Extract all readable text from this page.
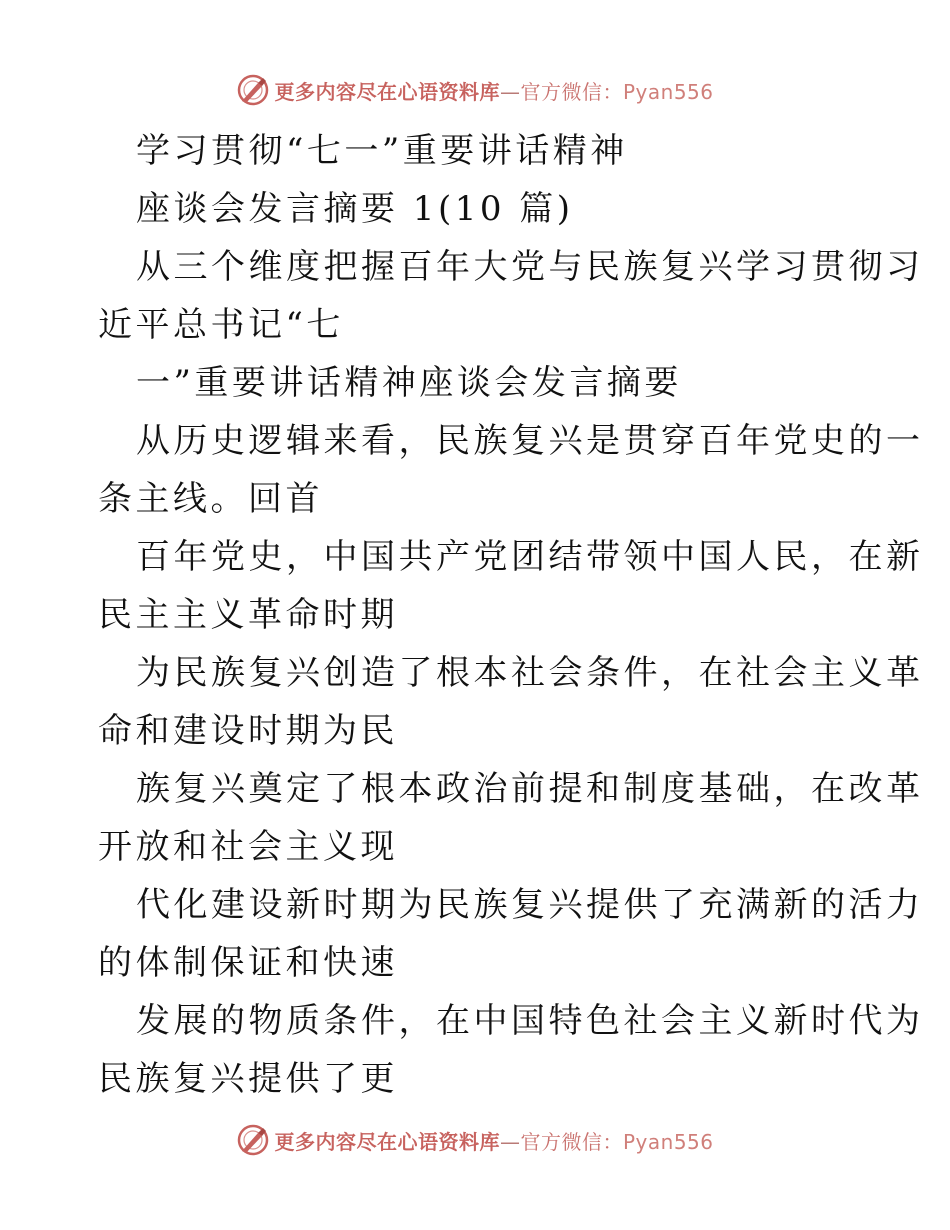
更多内容尽在心语资料库—官方微信：Pyan556
学习贯彻“七一”重要讲话精神
座谈会发言摘要 1(10 篇)
从三个维度把握百年大党与民族复兴学习贯彻习
近平总书记“七
一”重要讲话精神座谈会发言摘要
从历史逻辑来看，民族复兴是贯穿百年党史的一
条主线。回首
百年党史，中国共产党团结带领中国人民，在新
民主主义革命时期
为民族复兴创造了根本社会条件，在社会主义革
命和建设时期为民
族复兴奠定了根本政治前提和制度基础，在改革
开放和社会主义现
代化建设新时期为民族复兴提供了充满新的活力
的体制保证和快速
发展的物质条件，在中国特色社会主义新时代为
民族复兴提供了更
更多内容尽在心语资料库—官方微信：Pyan556
